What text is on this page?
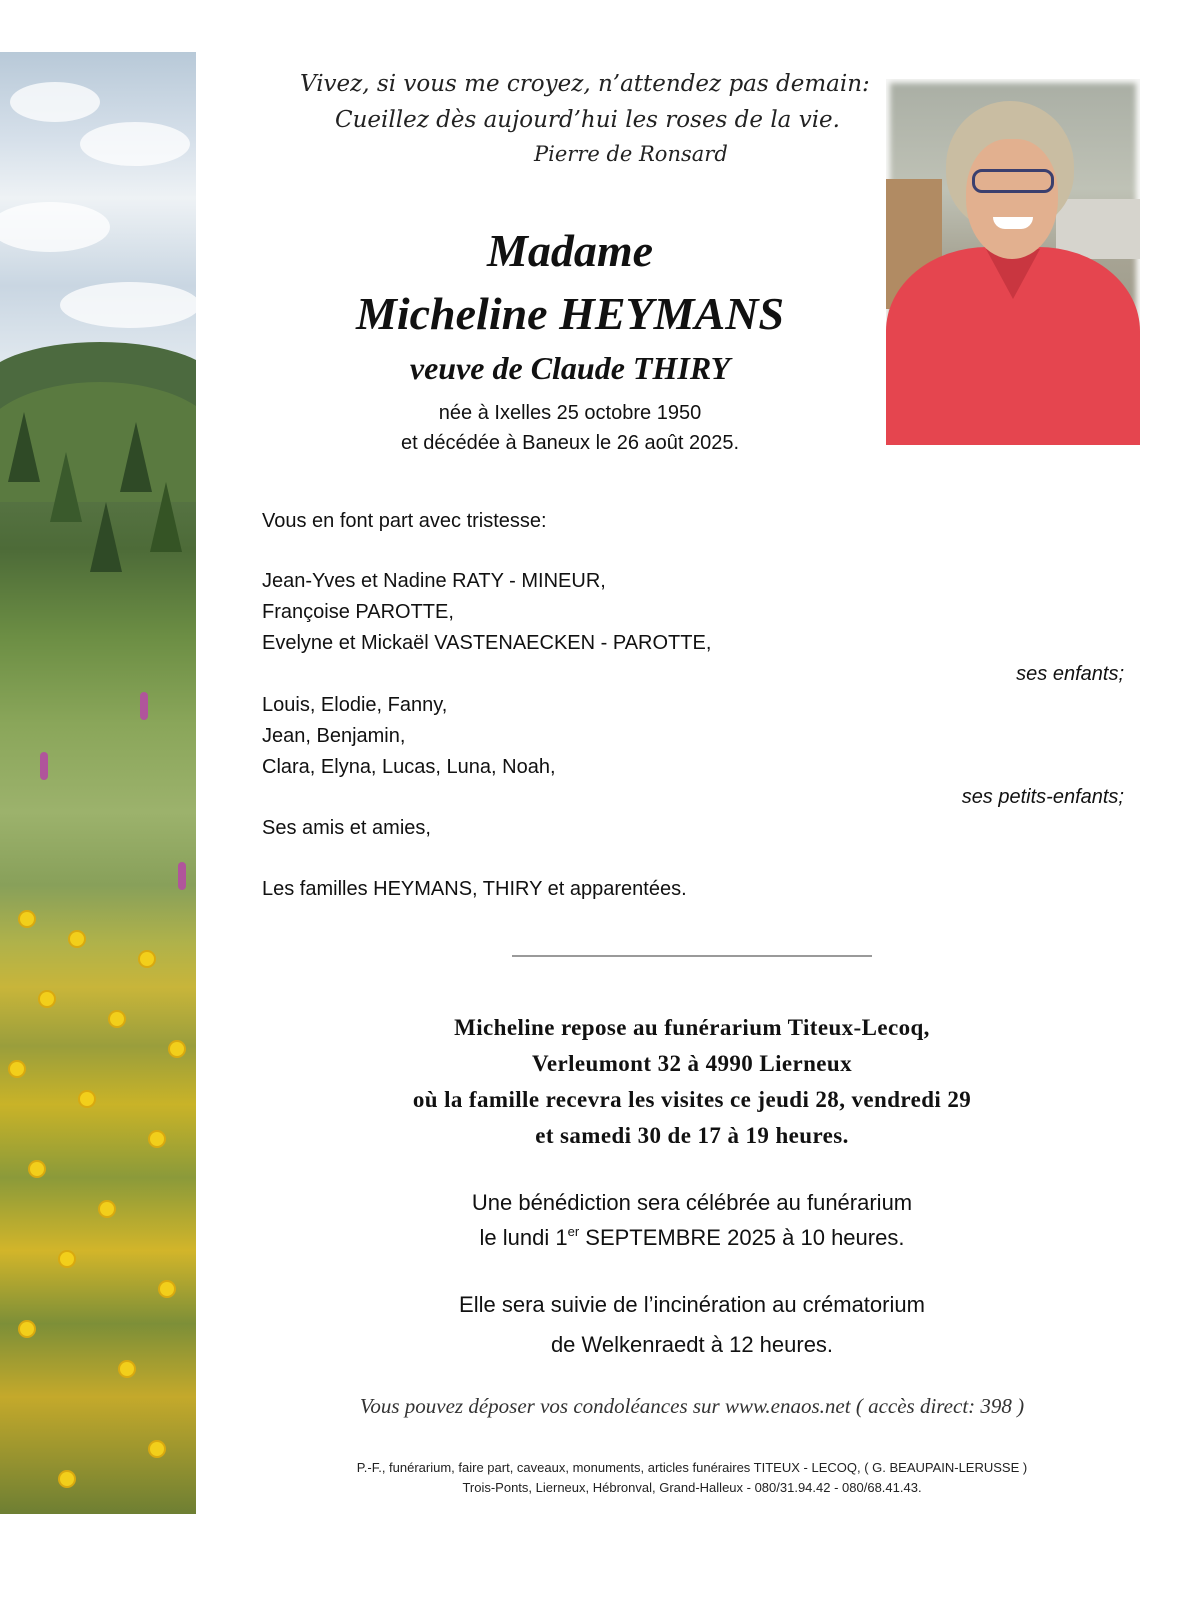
Vivez, si vous me croyez, n’attendez pas demain:
Cueillez dès aujourd’hui les roses de la vie.
Pierre de Ronsard
Madame
Micheline HEYMANS
veuve de Claude THIRY
née à Ixelles 25 octobre 1950
et décédée à Baneux le 26 août 2025.
Vous en font part avec tristesse:
Jean-Yves et Nadine RATY - MINEUR,
Françoise PAROTTE,
Evelyne et Mickaël VASTENAECKEN - PAROTTE,
ses enfants;
Louis, Elodie, Fanny,
Jean, Benjamin,
Clara, Elyna, Lucas, Luna, Noah,
ses petits-enfants;
Ses amis et amies,
Les familles HEYMANS, THIRY et apparentées.
Micheline repose au funérarium Titeux-Lecoq,
Verleumont 32 à 4990 Lierneux
où la famille recevra les visites ce jeudi 28, vendredi 29
et samedi 30 de 17 à 19 heures.
Une bénédiction sera célébrée au funérarium
le lundi 1er SEPTEMBRE 2025 à 10 heures.
Elle sera suivie de l’incinération au crématorium
de Welkenraedt à 12 heures.
Vous pouvez déposer vos condoléances sur www.enaos.net ( accès direct: 398 )
P.-F., funérarium, faire part, caveaux, monuments, articles funéraires TITEUX - LECOQ, ( G. BEAUPAIN-LERUSSE )
Trois-Ponts, Lierneux, Hébronval, Grand-Halleux - 080/31.94.42 - 080/68.41.43.
